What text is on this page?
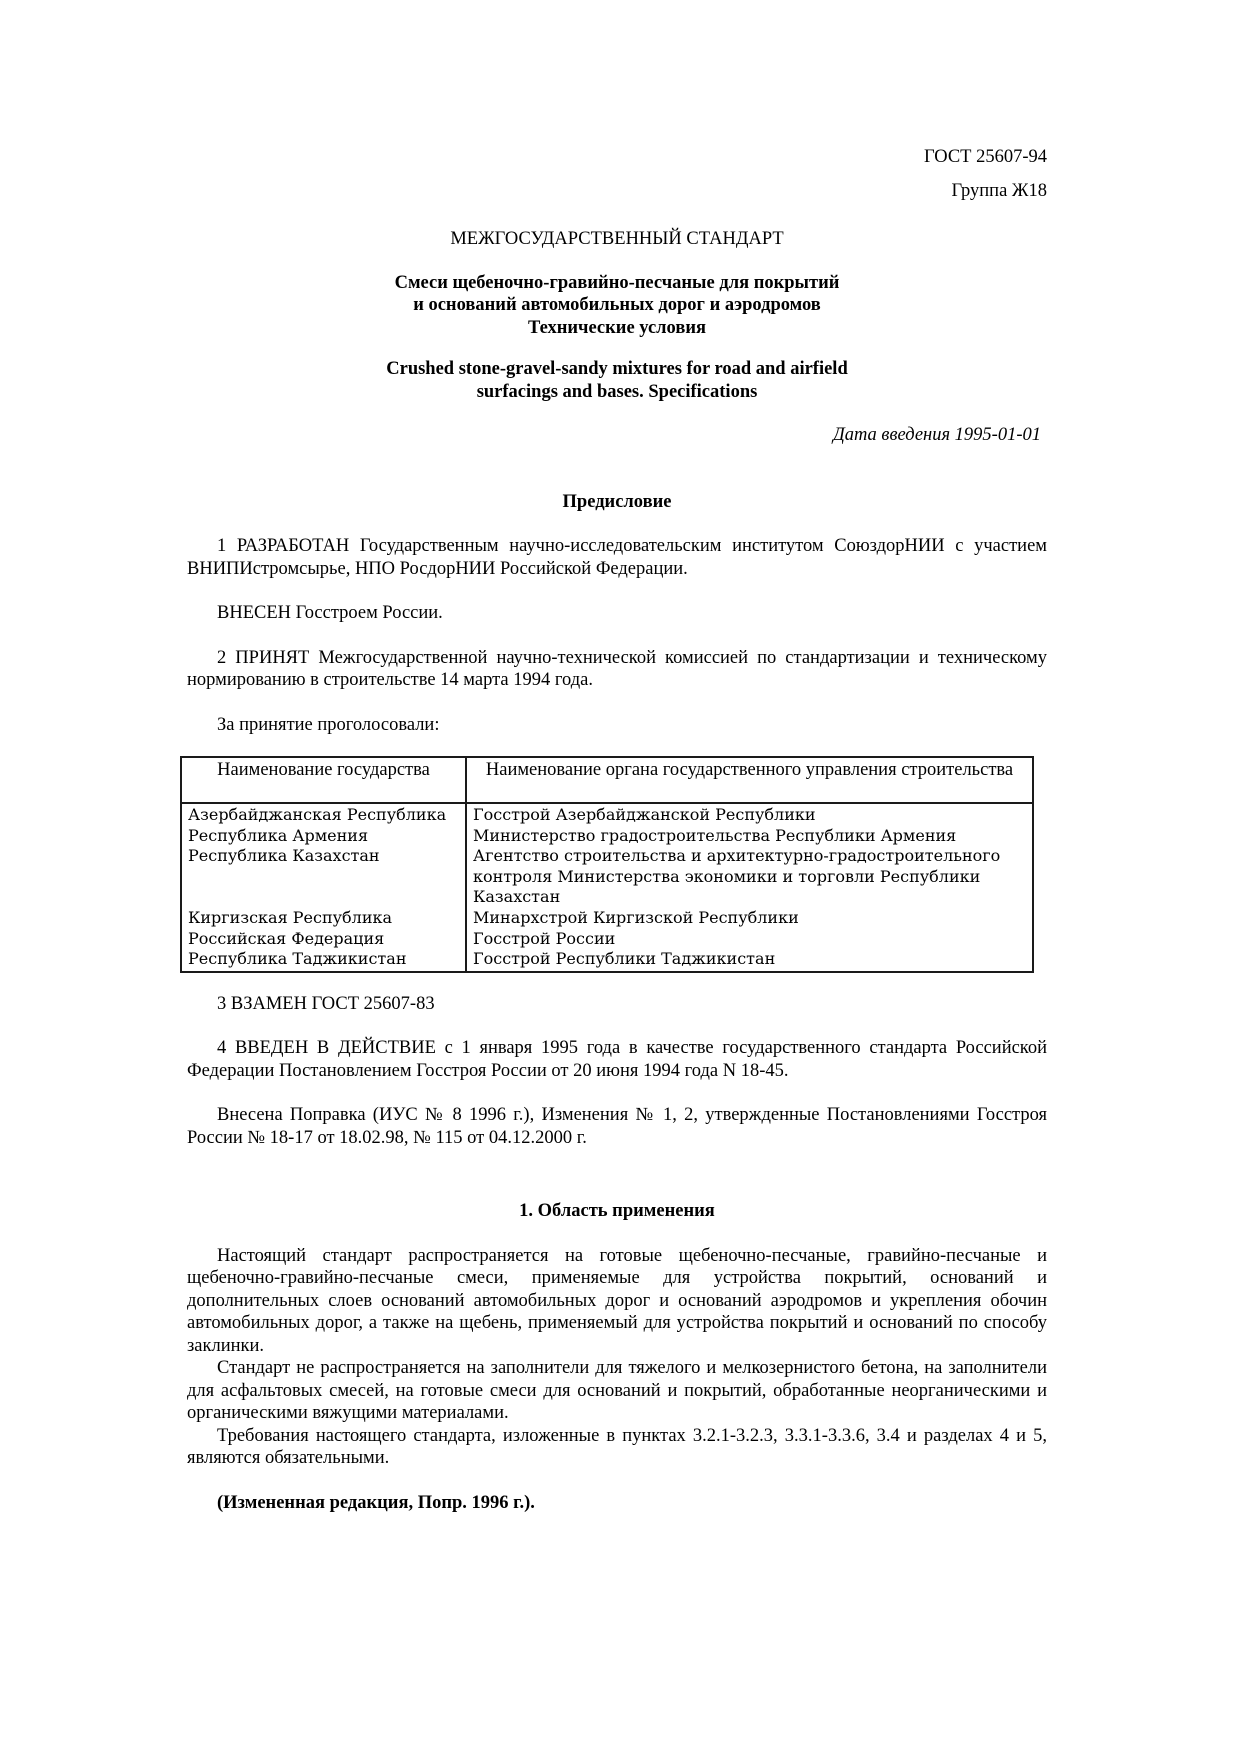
ГОСТ 25607-94

Группа Ж18

МЕЖГОСУДАРСТВЕННЫЙ СТАНДАРТ

Смеси щебеночно-гравийно-песчаные для покрытий
и оснований автомобильных дорог и аэродромов
Технические условия
Crushed stone-gravel-sandy mixtures for road and airfield
surfacings and bases. Specifications

Дата введения 1995-01-01

Предисловие

1 РАЗРАБОТАН Государственным научно-исследовательским институтом СоюздорНИИ с участием ВНИПИстромсырье, НПО РосдорНИИ Российской Федерации.

ВНЕСЕН Госстроем России.

2 ПРИНЯТ Межгосударственной научно-технической комиссией по стандартизации и техническому нормированию в строительстве 14 марта 1994 года.

За принятие проголосовали:

Наименование государства	Наименование органа государственного управления строительства
Азербайджанская Республика	Госстрой Азербайджанской Республики
Республика Армения	Министерство градостроительства Республики Армения
Республика Казахстан	Агентство строительства и архитектурно-градостроительного контроля Министерства экономики и торговли Республики Казахстан
Киргизская Республика	Минархстрой Киргизской Республики
Российская Федерация	Госстрой России
Республика Таджикистан	Госстрой Республики Таджикистан

3 ВЗАМЕН ГОСТ 25607-83

4 ВВЕДЕН В ДЕЙСТВИЕ с 1 января 1995 года в качестве государственного стандарта Российской Федерации Постановлением Госстроя России от 20 июня 1994 года N 18-45.

Внесена Поправка (ИУС № 8 1996 г.), Изменения № 1, 2, утвержденные Постановлениями Госстроя России № 18-17 от 18.02.98, № 115 от 04.12.2000 г.

1. Область применения

Настоящий стандарт распространяется на готовые щебеночно-песчаные, гравийно-песчаные и щебеночно-гравийно-песчаные смеси, применяемые для устройства покрытий, оснований и дополнительных слоев оснований автомобильных дорог и оснований аэродромов и укрепления обочин автомобильных дорог, а также на щебень, применяемый для устройства покрытий и оснований по способу заклинки.

Стандарт не распространяется на заполнители для тяжелого и мелкозернистого бетона, на заполнители для асфальтовых смесей, на готовые смеси для оснований и покрытий, обработанные неорганическими и органическими вяжущими материалами.

Требования настоящего стандарта, изложенные в пунктах 3.2.1-3.2.3, 3.3.1-3.3.6, 3.4 и разделах 4 и 5, являются обязательными.

(Измененная редакция, Попр. 1996 г.).
